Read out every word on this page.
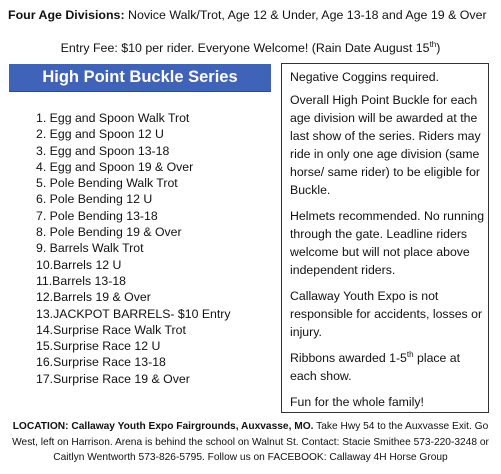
Four Age Divisions: Novice Walk/Trot, Age 12 & Under, Age 13-18 and Age 19 & Over
Entry Fee: $10 per rider. Everyone Welcome! (Rain Date August 15th)
High Point Buckle Series
1. Egg and Spoon Walk Trot
2. Egg and Spoon 12 U
3. Egg and Spoon 13-18
4. Egg and Spoon 19 & Over
5. Pole Bending Walk Trot
6. Pole Bending 12 U
7. Pole Bending 13-18
8. Pole Bending 19 & Over
9. Barrels Walk Trot
10.Barrels 12 U
11.Barrels 13-18
12.Barrels 19 & Over
13.JACKPOT BARRELS- $10 Entry
14.Surprise Race Walk Trot
15.Surprise Race 12 U
16.Surprise Race 13-18
17.Surprise Race 19 & Over

Negative Coggins required.

Overall High Point Buckle for each age division will be awarded at the last show of the series. Riders may ride in only one age division (same horse/ same rider) to be eligible for Buckle.

Helmets recommended. No running through the gate. Leadline riders welcome but will not place above independent riders.

Callaway Youth Expo is not responsible for accidents, losses or injury.

Ribbons awarded 1-5th place at each show.

Fun for the whole family!

LOCATION: Callaway Youth Expo Fairgrounds, Auxvasse, MO. Take Hwy 54 to the Auxvasse Exit. Go West, left on Harrison. Arena is behind the school on Walnut St. Contact: Stacie Smithee 573-220-3248 or Caitlyn Wentworth 573-826-5795. Follow us on FACEBOOK: Callaway 4H Horse Group
